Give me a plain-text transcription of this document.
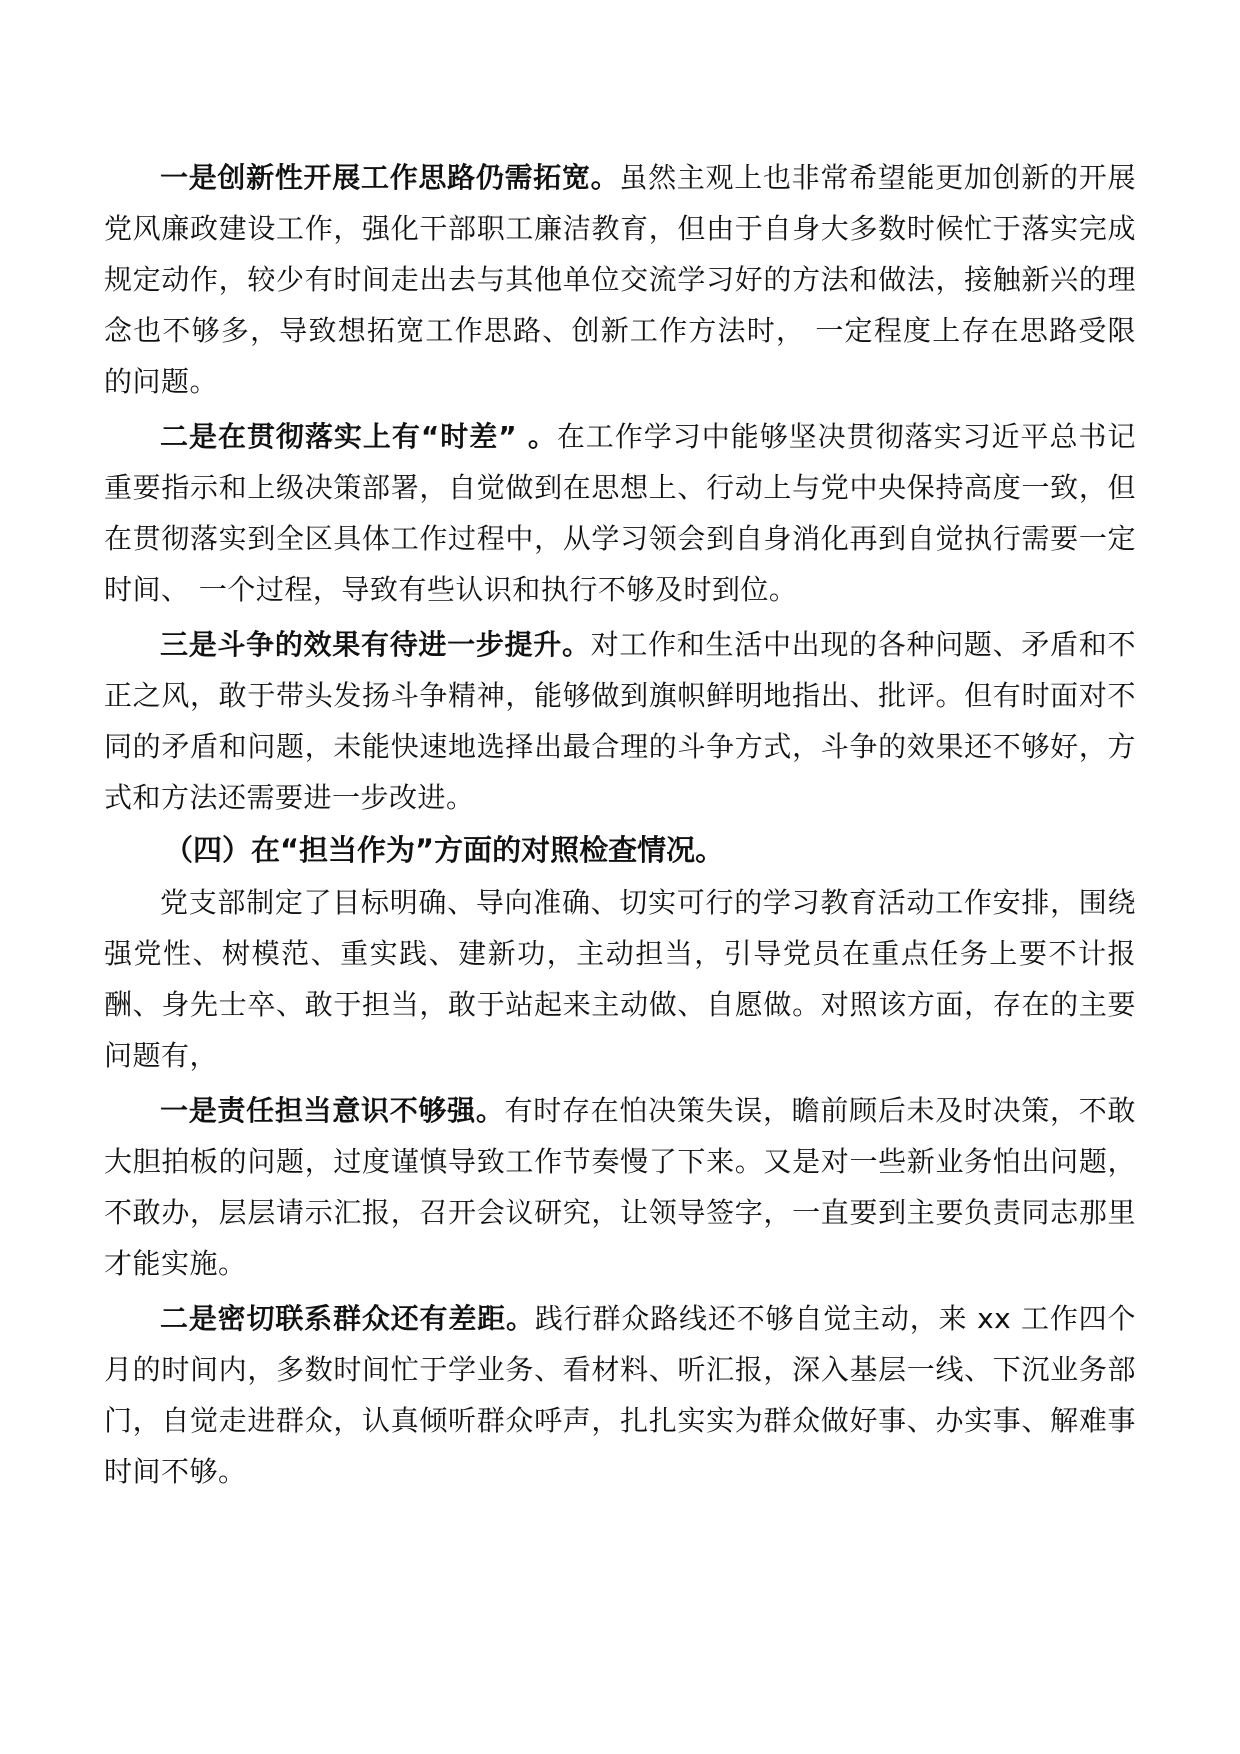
一是创新性开展工作思路仍需拓宽。虽然主观上也非常希望能更加创新的开展党风廉政建设工作，强化干部职工廉洁教育，但由于自身大多数时候忙于落实完成规定动作，较少有时间走出去与其他单位交流学习好的方法和做法，接触新兴的理念也不够多，导致想拓宽工作思路、创新工作方法时， 一定程度上存在思路受限的问题。

二是在贯彻落实上有“时差” 。在工作学习中能够坚决贯彻落实习近平总书记重要指示和上级决策部署，自觉做到在思想上、行动上与党中央保持高度一致，但在贯彻落实到全区具体工作过程中，从学习领会到自身消化再到自觉执行需要一定时间、 一个过程，导致有些认识和执行不够及时到位。

三是斗争的效果有待进一步提升。对工作和生活中出现的各种问题、矛盾和不正之风，敢于带头发扬斗争精神，能够做到旗帜鲜明地指出、批评。但有时面对不同的矛盾和问题，未能快速地选择出最合理的斗争方式，斗争的效果还不够好，方式和方法还需要进一步改进。

（四）在“担当作为”方面的对照检查情况。

党支部制定了目标明确、导向准确、切实可行的学习教育活动工作安排，围绕强党性、树模范、重实践、建新功，主动担当，引导党员在重点任务上要不计报酬、身先士卒、敢于担当，敢于站起来主动做、自愿做。对照该方面，存在的主要问题有，

一是责任担当意识不够强。有时存在怕决策失误，瞻前顾后未及时决策，不敢大胆拍板的问题，过度谨慎导致工作节奏慢了下来。又是对一些新业务怕出问题，不敢办，层层请示汇报，召开会议研究，让领导签字，一直要到主要负责同志那里才能实施。

二是密切联系群众还有差距。践行群众路线还不够自觉主动，来 xx 工作四个月的时间内，多数时间忙于学业务、看材料、听汇报，深入基层一线、下沉业务部门，自觉走进群众，认真倾听群众呼声，扎扎实实为群众做好事、办实事、解难事时间不够。
